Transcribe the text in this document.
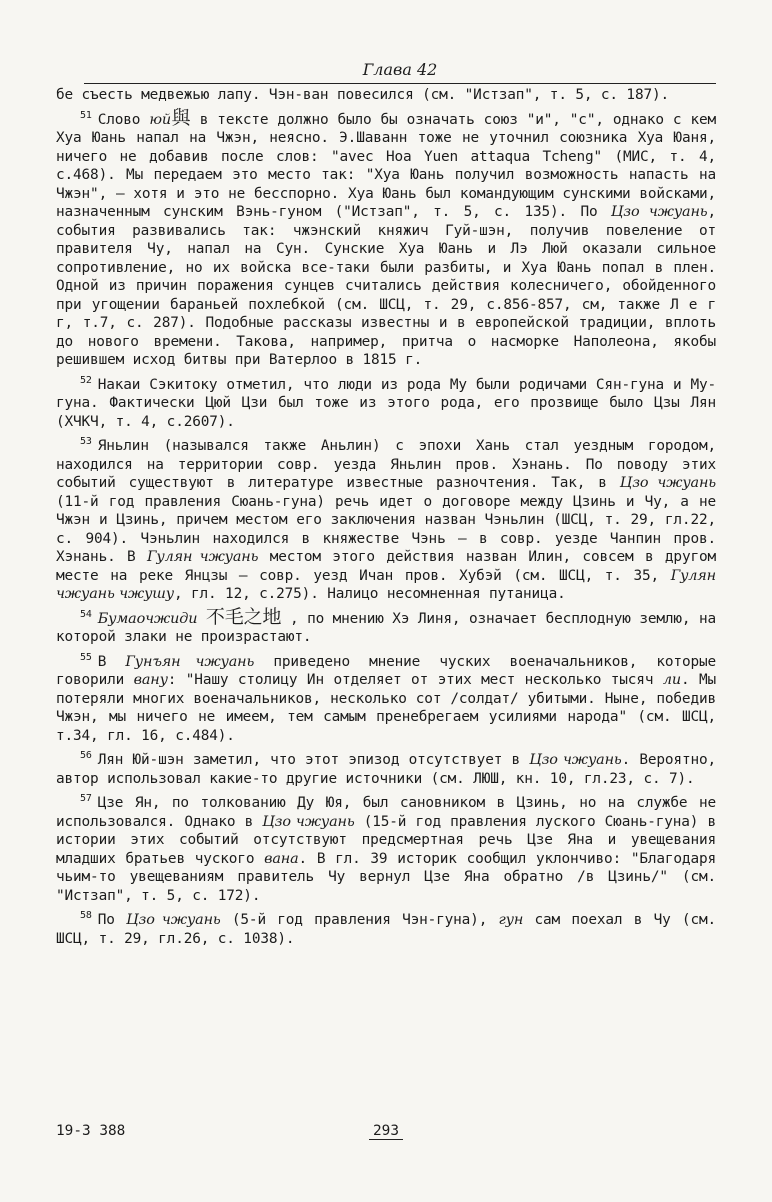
Глава 42

бе съесть медвежью лапу. Чэн-ван повесился (см. "Истзап", т. 5, с. 187).

$^{51}$ Слово юй與 в тексте должно было бы означать союз "и", "с", однако с кем Хуа Юань напал на Чжэн, неясно. Э.Шаванн тоже не уточнил союзника Хуа Юаня, ничего не добавив после слов: "avec Hoa Yuen attaqua Tcheng" (МИС, т. 4, с.468). Мы передаем это место так: "Хуа Юань получил возможность напасть на Чжэн", – хотя и это не бесспорно. Хуа Юань был командующим сунскими войсками, назначенным сунским Вэнь-гуном ("Истзап", т. 5, с. 135). По Цзо чжуань, события развивались так: чжэнский княжич Гуй-шэн, получив повеление от правителя Чу, напал на Сун. Сунские Хуа Юань и Лэ Люй оказали сильное сопротивление, но их войска все-таки были разбиты, и Хуа Юань попал в плен. Одной из причин поражения сунцев считались действия колесничего, обойденного при угощении бараньей похлебкой (см. ШСЦ, т. 29, с.856-857, см, также Л е г г, т.7, с. 287). Подобные рассказы известны и в европейской традиции, вплоть до нового времени. Такова, например, притча о насморке Наполеона, якобы решившем исход битвы при Ватерлоо в 1815 г.

$^{52}$ Накаи Сэкитоку отметил, что люди из рода Му были родичами Сян-гуна и Му-гуна. Фактически Цюй Цзи был тоже из этого рода, его прозвище было Цзы Лян (ХЧКЧ, т. 4, с.2607).

$^{53}$ Яньлин (назывался также Аньлин) с эпохи Хань стал уездным городом, находился на территории совр. уезда Яньлин пров. Хэнань. По поводу этих событий существуют в литературе известные разночтения. Так, в Цзо чжуань (11-й год правления Сюань-гуна) речь идет о договоре между Цзинь и Чу, а не Чжэн и Цзинь, причем местом его заключения назван Чэньлин (ШСЦ, т. 29, гл.22, с. 904). Чэньлин находился в княжестве Чэнь – в совр. уезде Чанпин пров. Хэнань. В Гулян чжуань местом этого действия назван Илин, совсем в другом месте на реке Янцзы – совр. уезд Ичан пров. Хубэй (см. ШСЦ, т. 35, Гулян чжуань чжушу, гл. 12, с.275). Налицо несомненная путаница.

$^{54}$ Бумаочжиди 不毛之地 , по мнению Хэ Линя, означает бесплодную землю, на которой злаки не произрастают.

$^{55}$ В Гунъян чжуань приведено мнение чуских военачальников, которые говорили вану: "Нашу столицу Ин отделяет от этих мест несколько тысяч ли. Мы потеряли многих военачальников, несколько сот /солдат/ убитыми. Ныне, победив Чжэн, мы ничего не имеем, тем самым пренебрегаем усилиями народа" (см. ШСЦ, т.34, гл. 16, с.484).

$^{56}$ Лян Юй-шэн заметил, что этот эпизод отсутствует в Цзо чжуань. Вероятно, автор использовал какие-то другие источники (см. ЛЮШ, кн. 10, гл.23, с. 7).

$^{57}$ Цзе Ян, по толкованию Ду Юя, был сановником в Цзинь, но на службе не использовался. Однако в Цзо чжуань (15-й год правления луского Сюань-гуна) в истории этих событий отсутствуют предсмертная речь Цзе Яна и увещевания младших братьев чуского вана. В гл. 39 историк сообщил уклончиво: "Благодаря чьим-то увещеваниям правитель Чу вернул Цзе Яна обратно /в Цзинь/" (см. "Истзап", т. 5, с. 172).

$^{58}$ По Цзо чжуань (5-й год правления Чэн-гуна), гун сам поехал в Чу (см. ШСЦ, т. 29, гл.26, с. 1038).

19-3 388	293
